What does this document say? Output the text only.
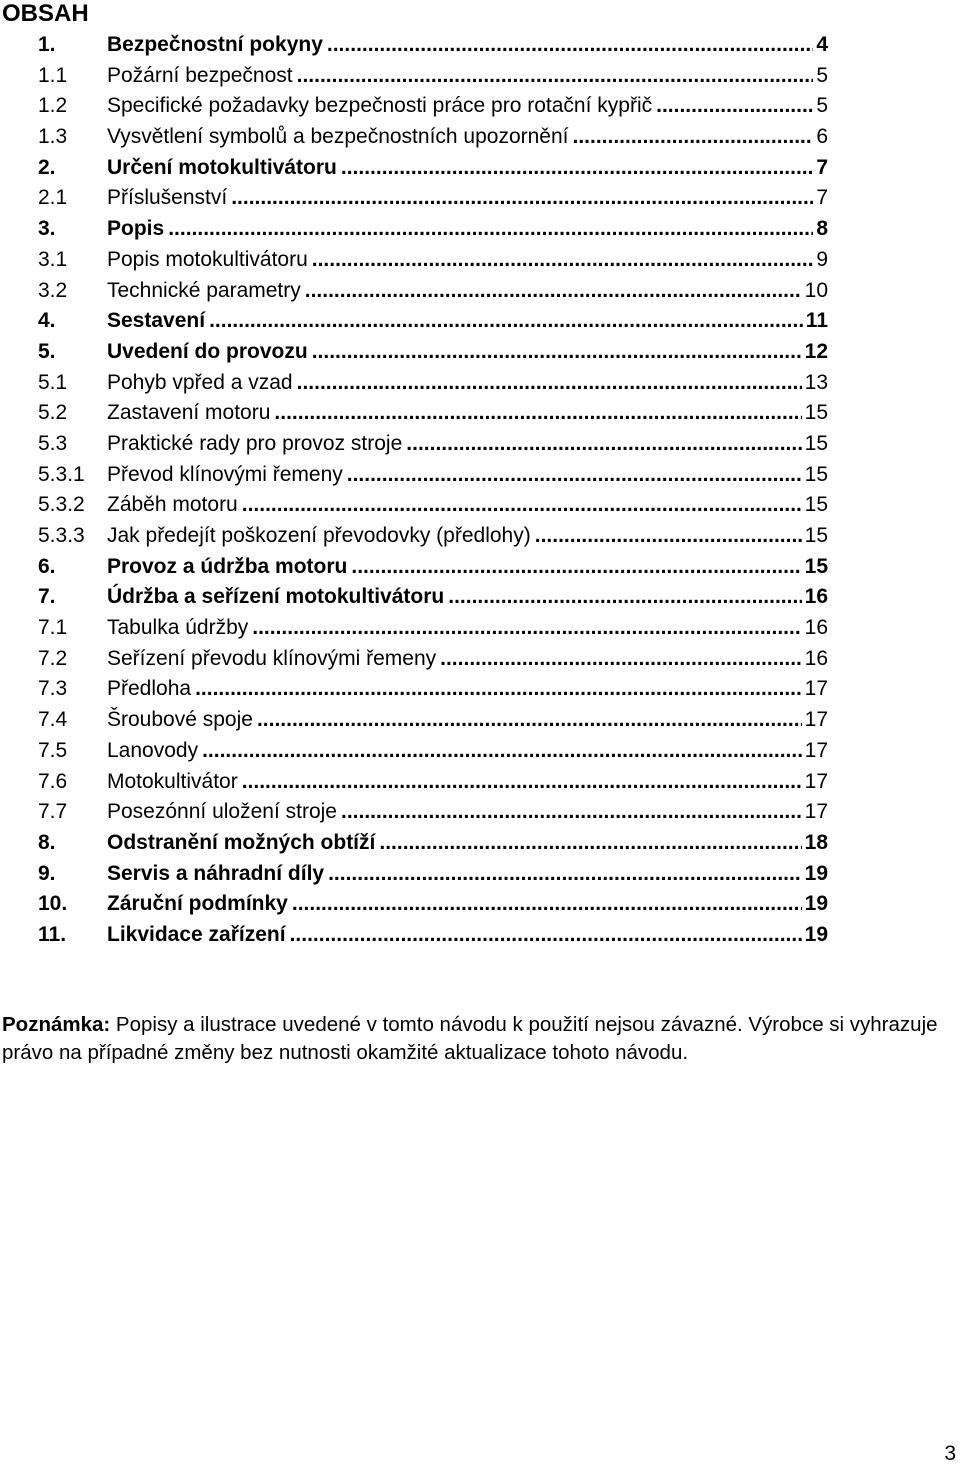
OBSAH
1.	Bezpečnostní pokyny .....	4
1.1	Požární bezpečnost .....	5
1.2	Specifické požadavky bezpečnosti práce pro rotační kypřič .....	5
1.3	Vysvětlení symbolů a bezpečnostních upozornění .....	6
2.	Určení motokultivátoru .....	7
2.1	Příslušenství .....	7
3.	Popis .....	8
3.1	Popis motokultivátoru .....	9
3.2	Technické parametry .....	10
4.	Sestavení .....	11
5.	Uvedení do provozu .....	12
5.1	Pohyb vpřed a vzad .....	13
5.2	Zastavení motoru .....	15
5.3	Praktické rady pro provoz stroje .....	15
5.3.1	Převod klínovými řemeny .....	15
5.3.2	Záběh motoru .....	15
5.3.3	Jak předejít poškození převodovky (předlohy) .....	15
6.	Provoz a údržba motoru .....	15
7.	Údržba a seřízení motokultivátoru .....	16
7.1	Tabulka údržby .....	16
7.2	Seřízení převodu klínovými řemeny .....	16
7.3	Předloha .....	17
7.4	Šroubové spoje .....	17
7.5	Lanovody .....	17
7.6	Motokultivátor .....	17
7.7	Posezónní uložení stroje .....	17
8.	Odstranění možných obtíží .....	18
9.	Servis a náhradní díly .....	19
10.	Záruční podmínky .....	19
11.	Likvidace zařízení .....	19
Poznámka: Popisy a ilustrace uvedené v tomto návodu k použití nejsou závazné. Výrobce si vyhrazuje právo na případné změny bez nutnosti okamžité aktualizace tohoto návodu.
3
